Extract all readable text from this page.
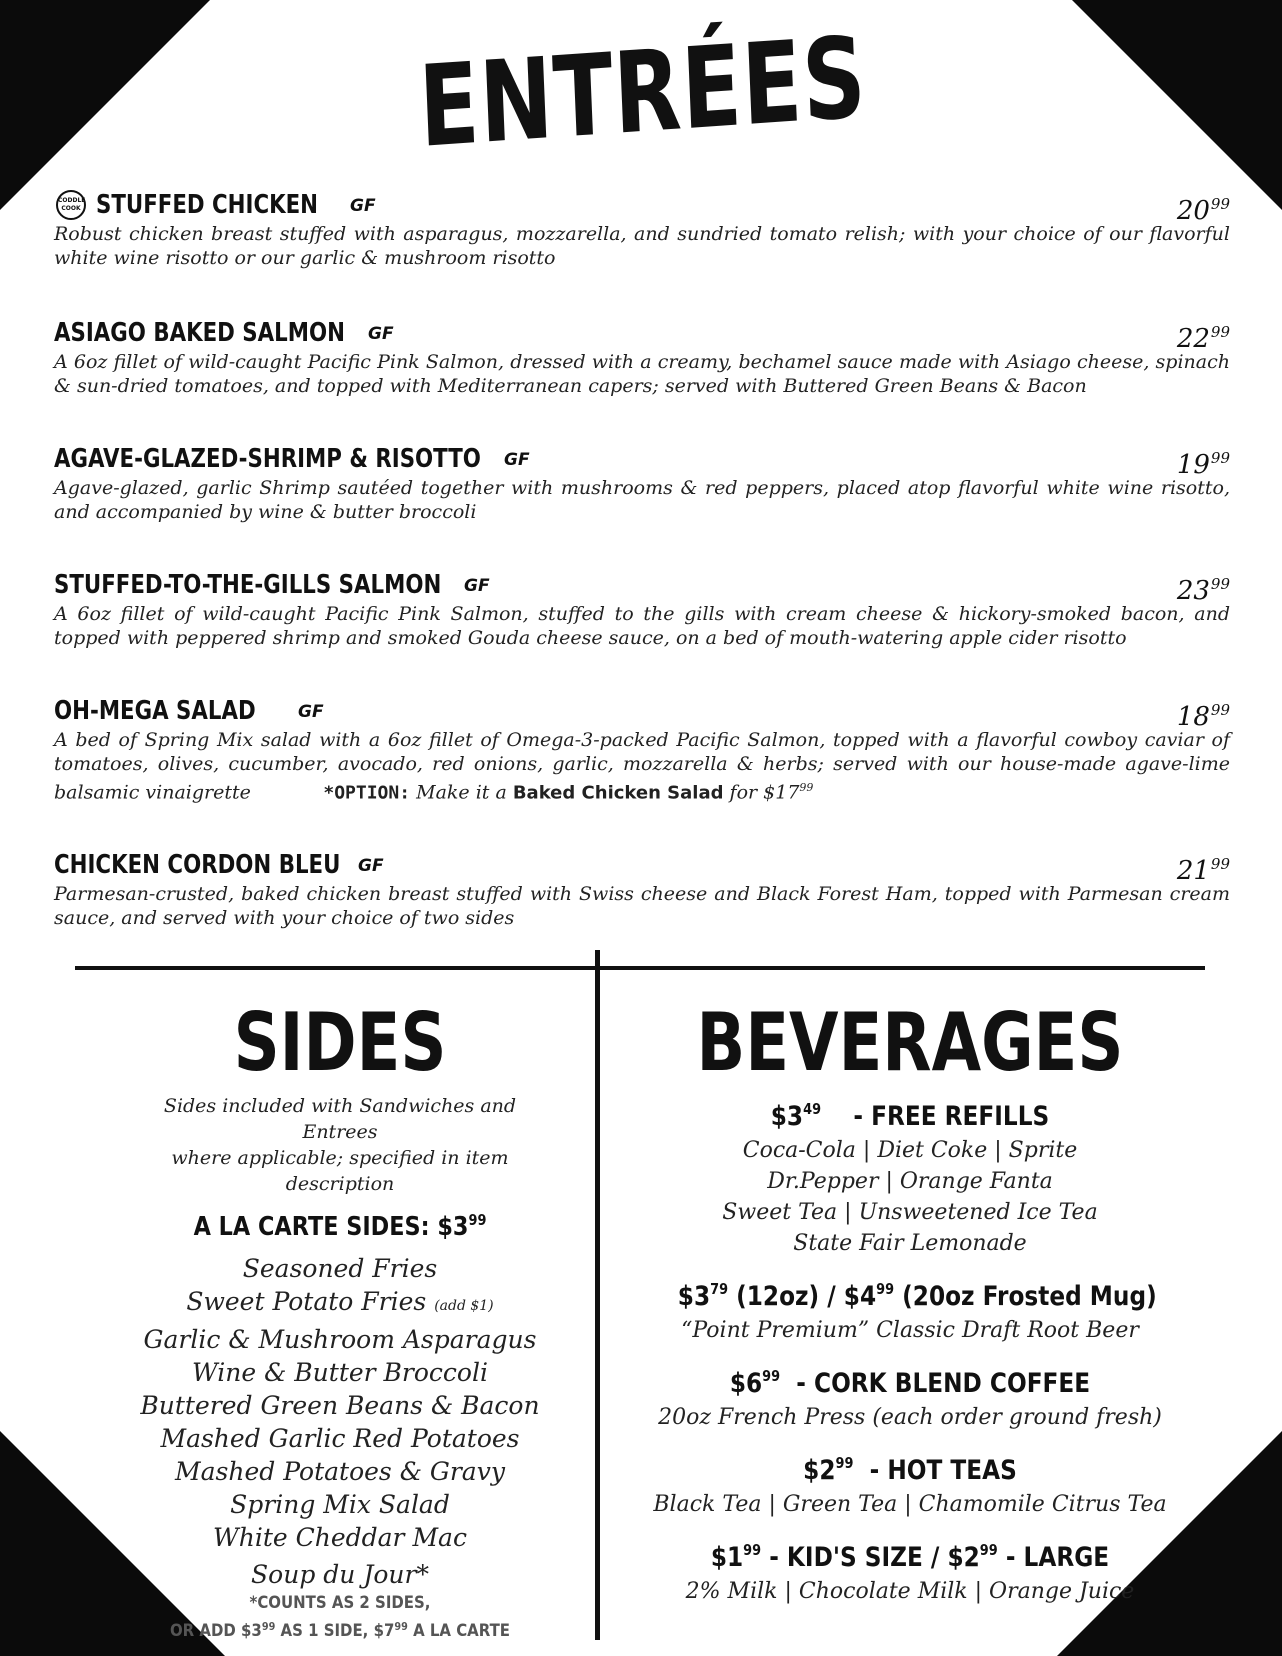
ENTRÉES
CODDLE
COOK STUFFED CHICKEN GF	$20^{99}$
Robust chicken breast stuffed with asparagus, mozzarella, and sundried tomato relish; with your choice of our flavorful white wine risotto or our garlic & mushroom risotto
ASIAGO BAKED SALMON GF	$22^{99}$
A 6oz fillet of wild-caught Pacific Pink Salmon, dressed with a creamy, bechamel sauce made with Asiago cheese, spinach & sun-dried tomatoes, and topped with Mediterranean capers; served with Buttered Green Beans & Bacon
AGAVE-GLAZED-SHRIMP & RISOTTO GF	$19^{99}$
Agave-glazed, garlic Shrimp sautéed together with mushrooms & red peppers, placed atop flavorful white wine risotto, and accompanied by wine & butter broccoli
STUFFED-TO-THE-GILLS SALMON GF	$23^{99}$
A 6oz fillet of wild-caught Pacific Pink Salmon, stuffed to the gills with cream cheese & hickory-smoked bacon, and topped with peppered shrimp and smoked Gouda cheese sauce, on a bed of mouth-watering apple cider risotto
OH-MEGA SALAD GF	$18^{99}$
A bed of Spring Mix salad with a 6oz fillet of Omega-3-packed Pacific Salmon, topped with a flavorful cowboy caviar of tomatoes, olives, cucumber, avocado, red onions, garlic, mozzarella & herbs; served with our house-made agave-lime balsamic vinaigrette	*OPTION: Make it a Baked Chicken Salad for $\$17^{99}$
CHICKEN CORDON BLEU GF	$21^{99}$
Parmesan-crusted, baked chicken breast stuffed with Swiss cheese and Black Forest Ham, topped with Parmesan cream sauce, and served with your choice of two sides
SIDES
Sides included with Sandwiches and Entrees
where applicable; specified in item description
A LA CARTE SIDES: $\$3^{99}$
Seasoned Fries
Sweet Potato Fries (add $1)
Garlic & Mushroom Asparagus
Wine & Butter Broccoli
Buttered Green Beans & Bacon
Mashed Garlic Red Potatoes
Mashed Potatoes & Gravy
Spring Mix Salad
White Cheddar Mac
Soup du Jour*
*COUNTS AS 2 SIDES,
OR ADD $\$3^{99}$ AS 1 SIDE, $\$7^{99}$ A LA CARTE
BEVERAGES
$\$3^{49}$ - FREE REFILLS
Coca-Cola | Diet Coke | Sprite
Dr.Pepper | Orange Fanta
Sweet Tea | Unsweetened Ice Tea
State Fair Lemonade
$\$3^{79}$ $(12oz) / \$4^{99}$ (20oz Frosted Mug)
“Point Premium” Classic Draft Root Beer
$\$6^{99}$ - CORK BLEND COFFEE
20oz French Press (each order ground fresh)
$\$2^{99}$ - HOT TEAS
Black Tea | Green Tea | Chamomile Citrus Tea
$\$1^{99} - KID'S$ SIZE / $\$2^{99}$ - LARGE
2% Milk | Chocolate Milk | Orange Juice
